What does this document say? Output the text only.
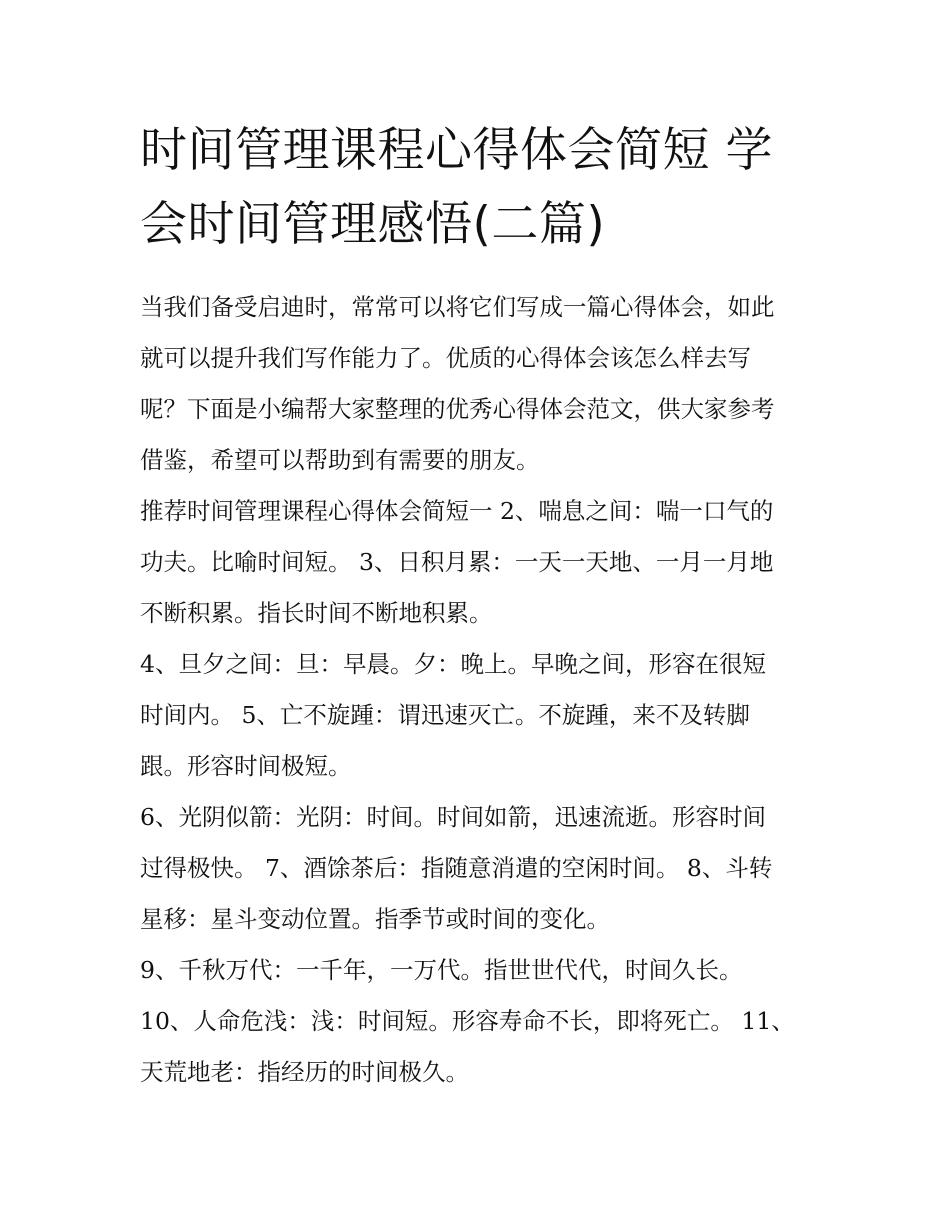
时间管理课程心得体会简短 学
会时间管理感悟(二篇)

当我们备受启迪时，常常可以将它们写成一篇心得体会，如此
就可以提升我们写作能力了。优质的心得体会该怎么样去写
呢？下面是小编帮大家整理的优秀心得体会范文，供大家参考
借鉴，希望可以帮助到有需要的朋友。

推荐时间管理课程心得体会简短一 2、喘息之间：喘一口气的
功夫。比喻时间短。 3、日积月累：一天一天地、一月一月地
不断积累。指长时间不断地积累。

4、旦夕之间：旦：早晨。夕：晚上。早晚之间，形容在很短
时间内。 5、亡不旋踵：谓迅速灭亡。不旋踵，来不及转脚
跟。形容时间极短。

6、光阴似箭：光阴：时间。时间如箭，迅速流逝。形容时间
过得极快。 7、酒馀茶后：指随意消遣的空闲时间。 8、斗转
星移：星斗变动位置。指季节或时间的变化。

9、千秋万代：一千年，一万代。指世世代代，时间久长。

10、人命危浅：浅：时间短。形容寿命不长，即将死亡。 11、
天荒地老：指经历的时间极久。
